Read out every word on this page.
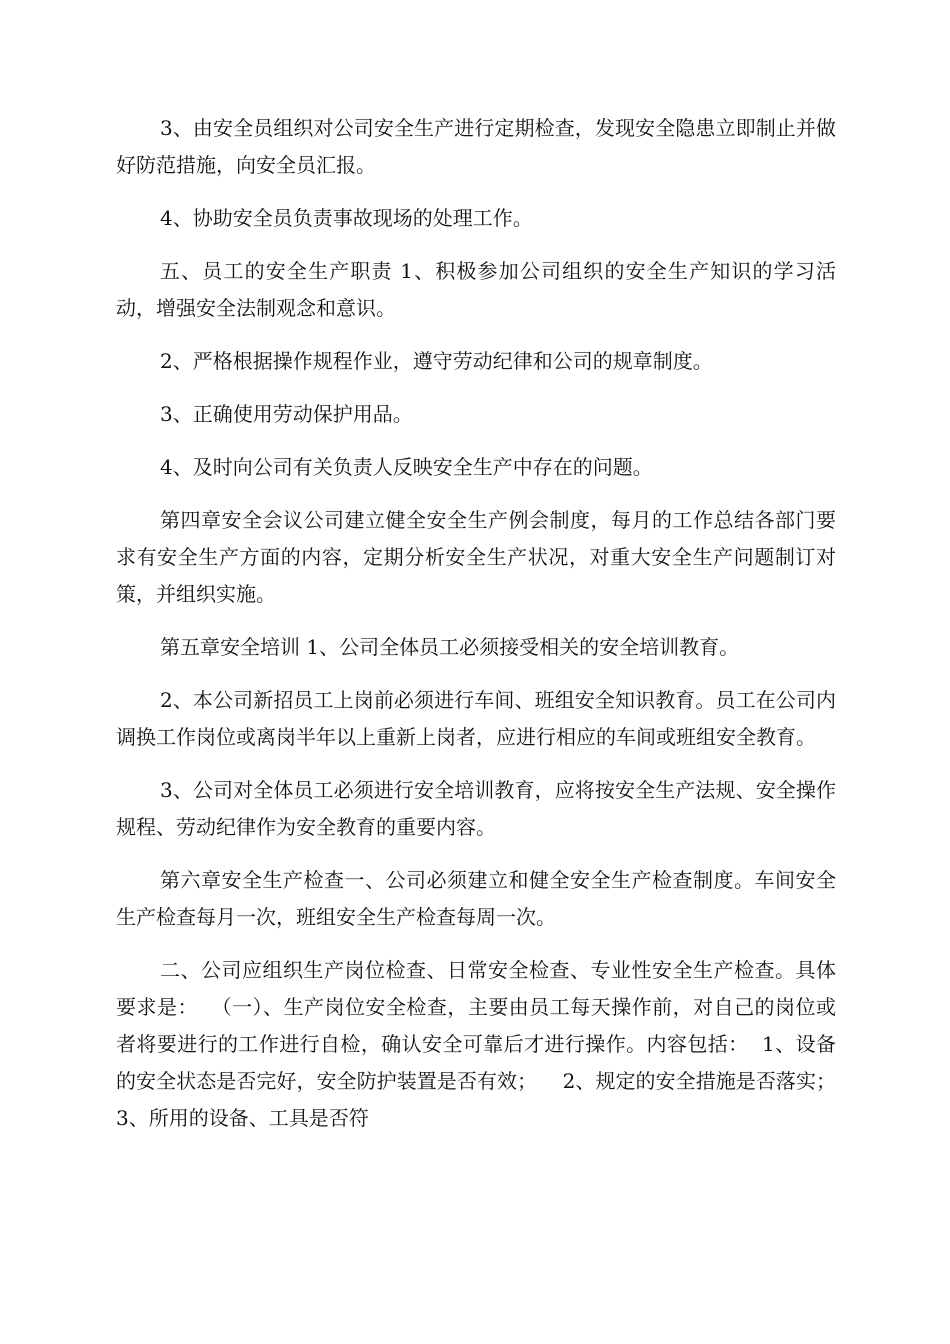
3、由安全员组织对公司安全生产进行定期检查，发现安全隐患立即制止并做好防范措施，向安全员汇报。

4、协助安全员负责事故现场的处理工作。

五、员工的安全生产职责 1、积极参加公司组织的安全生产知识的学习活动，增强安全法制观念和意识。

2、严格根据操作规程作业，遵守劳动纪律和公司的规章制度。

3、正确使用劳动保护用品。

4、及时向公司有关负责人反映安全生产中存在的问题。

第四章安全会议公司建立健全安全生产例会制度，每月的工作总结各部门要求有安全生产方面的内容，定期分析安全生产状况，对重大安全生产问题制订对策，并组织实施。

第五章安全培训 1、公司全体员工必须接受相关的安全培训教育。

2、本公司新招员工上岗前必须进行车间、班组安全知识教育。员工在公司内调换工作岗位或离岗半年以上重新上岗者，应进行相应的车间或班组安全教育。

3、公司对全体员工必须进行安全培训教育，应将按安全生产法规、安全操作规程、劳动纪律作为安全教育的重要内容。

第六章安全生产检查一、公司必须建立和健全安全生产检查制度。车间安全生产检查每月一次，班组安全生产检查每周一次。

二、公司应组织生产岗位检查、日常安全检查、专业性安全生产检查。具体要求是：  （一）、生产岗位安全检查，主要由员工每天操作前，对自己的岗位或者将要进行的工作进行自检，确认安全可靠后才进行操作。内容包括：  1、设备的安全状态是否完好，安全防护装置是否有效；    2、规定的安全措施是否落实；    3、所用的设备、工具是否符
